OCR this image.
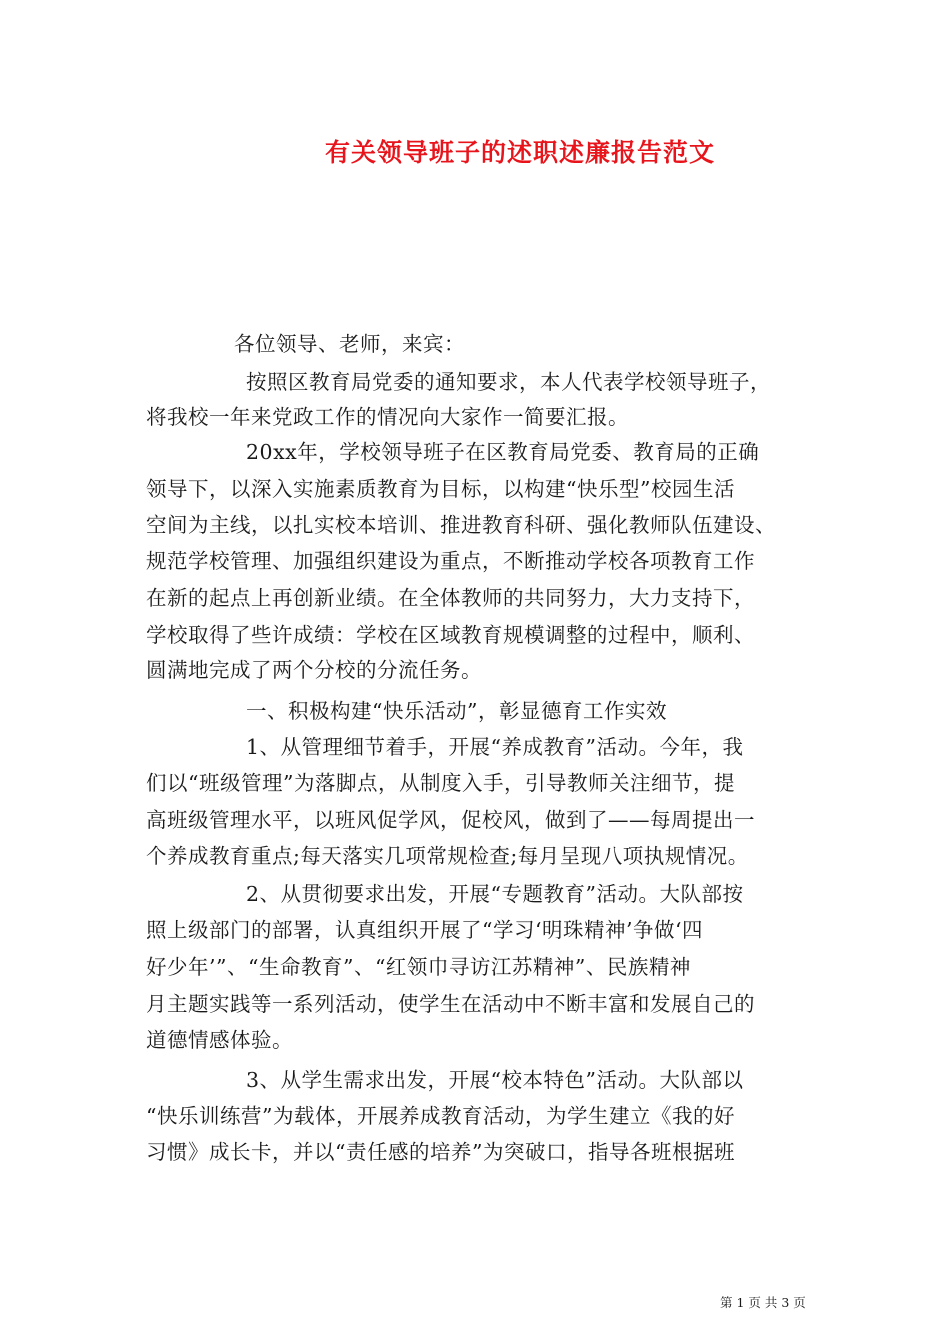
有关领导班子的述职述廉报告范文
各位领导、老师，来宾：
按照区教育局党委的通知要求，本人代表学校领导班子，
将我校一年来党政工作的情况向大家作一简要汇报。
20xx年，学校领导班子在区教育局党委、教育局的正确
领导下，以深入实施素质教育为目标，以构建“快乐型”校园生活
空间为主线，以扎实校本培训、推进教育科研、强化教师队伍建设、
规范学校管理、加强组织建设为重点，不断推动学校各项教育工作
在新的起点上再创新业绩。在全体教师的共同努力，大力支持下，
学校取得了些许成绩：学校在区域教育规模调整的过程中，顺利、
圆满地完成了两个分校的分流任务。
一、积极构建“快乐活动”，彰显德育工作实效
1、从管理细节着手，开展“养成教育”活动。今年，我
们以“班级管理”为落脚点，从制度入手，引导教师关注细节，提
高班级管理水平，以班风促学风，促校风，做到了——每周提出一
个养成教育重点;每天落实几项常规检查;每月呈现八项执规情况。
2、从贯彻要求出发，开展“专题教育”活动。大队部按
照上级部门的部署，认真组织开展了“学习‘明珠精神’争做‘四
好少年’”、“生命教育”、“红领巾寻访江苏精神”、民族精神
月主题实践等一系列活动，使学生在活动中不断丰富和发展自己的
道德情感体验。
3、从学生需求出发，开展“校本特色”活动。大队部以
“快乐训练营”为载体，开展养成教育活动，为学生建立《我的好
习惯》成长卡，并以“责任感的培养”为突破口，指导各班根据班
第 1 页 共 3 页
